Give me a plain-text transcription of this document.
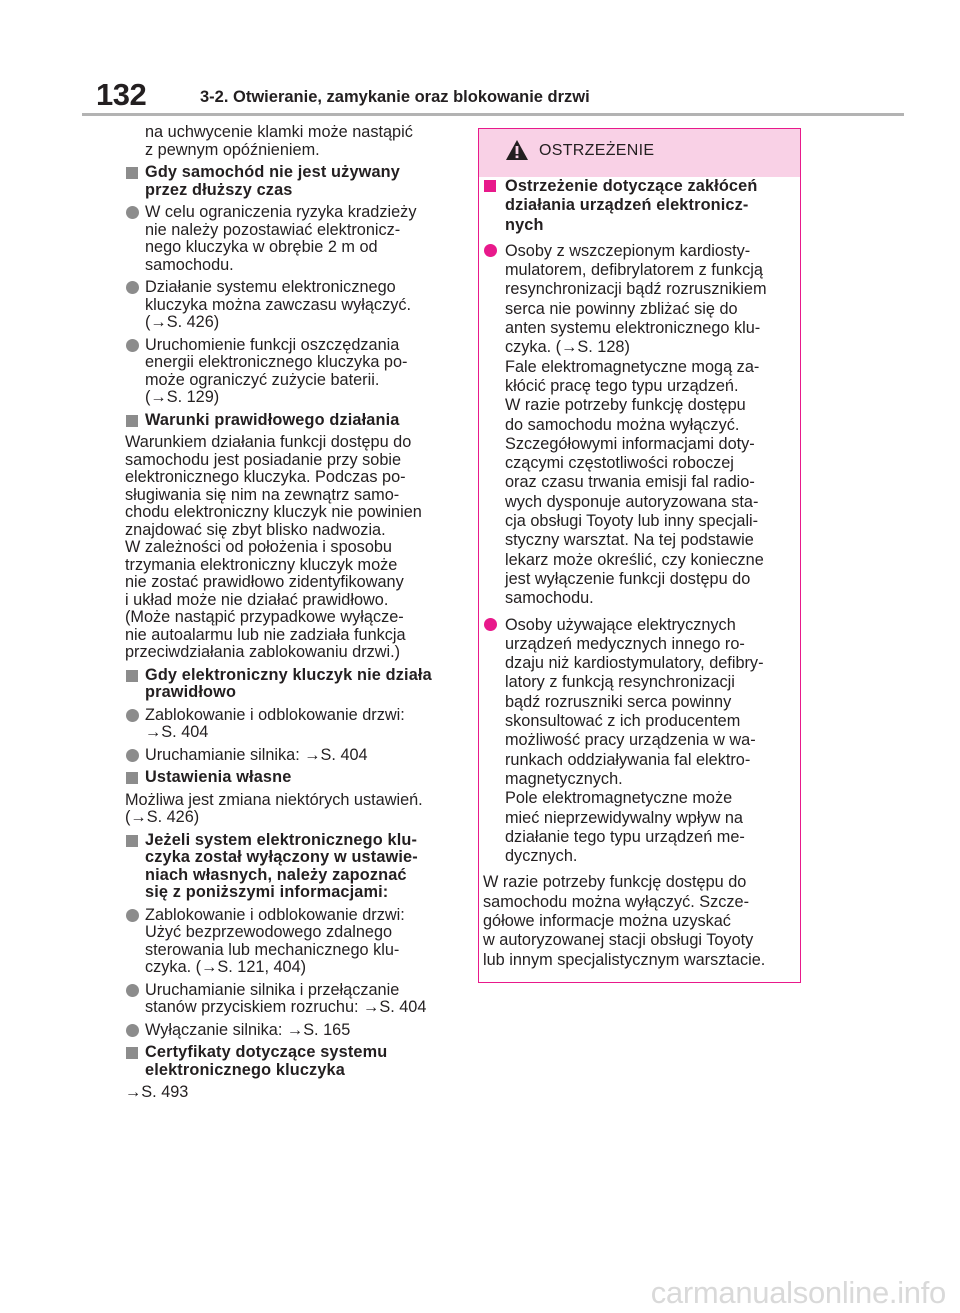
132	3-2. Otwieranie, zamykanie oraz blokowanie drzwi
na uchwycenie klamki może nastąpić
z pewnym opóźnieniem.
Gdy samochód nie jest używany
przez dłuższy czas
W celu ograniczenia ryzyka kradzieży
nie należy pozostawiać elektronicz-
nego kluczyka w obrębie 2 m od
samochodu.
Działanie systemu elektronicznego
kluczyka można zawczasu wyłączyć.
(→S. 426)
Uruchomienie funkcji oszczędzania
energii elektronicznego kluczyka po-
może ograniczyć zużycie baterii.
(→S. 129)
Warunki prawidłowego działania
Warunkiem działania funkcji dostępu do
samochodu jest posiadanie przy sobie
elektronicznego kluczyka. Podczas po-
sługiwania się nim na zewnątrz samo-
chodu elektroniczny kluczyk nie powinien
znajdować się zbyt blisko nadwozia.
W zależności od położenia i sposobu
trzymania elektroniczny kluczyk może
nie zostać prawidłowo zidentyfikowany
i układ może nie działać prawidłowo.
(Może nastąpić przypadkowe wyłącze-
nie autoalarmu lub nie zadziała funkcja
przeciwdziałania zablokowaniu drzwi.)
Gdy elektroniczny kluczyk nie działa
prawidłowo
Zablokowanie i odblokowanie drzwi:
→S. 404
Uruchamianie silnika: →S. 404
Ustawienia własne
Możliwa jest zmiana niektórych ustawień.
(→S. 426)
Jeżeli system elektronicznego klu-
czyka został wyłączony w ustawie-
niach własnych, należy zapoznać
się z poniższymi informacjami:
Zablokowanie i odblokowanie drzwi:
Użyć bezprzewodowego zdalnego
sterowania lub mechanicznego klu-
czyka. (→S. 121, 404)
Uruchamianie silnika i przełączanie
stanów przyciskiem rozruchu: →S. 404
Wyłączanie silnika: →S. 165
Certyfikaty dotyczące systemu
elektronicznego kluczyka
→S. 493
OSTRZEŻENIE
Ostrzeżenie dotyczące zakłóceń
działania urządzeń elektronicz-
nych
Osoby z wszczepionym kardiosty-
mulatorem, defibrylatorem z funkcją
resynchronizacji bądź rozrusznikiem
serca nie powinny zbliżać się do
anten systemu elektronicznego klu-
czyka. (→S. 128)
Fale elektromagnetyczne mogą za-
kłócić pracę tego typu urządzeń.
W razie potrzeby funkcję dostępu
do samochodu można wyłączyć.
Szczegółowymi informacjami doty-
czącymi częstotliwości roboczej
oraz czasu trwania emisji fal radio-
wych dysponuje autoryzowana sta-
cja obsługi Toyoty lub inny specjali-
styczny warsztat. Na tej podstawie
lekarz może określić, czy konieczne
jest wyłączenie funkcji dostępu do
samochodu.
Osoby używające elektrycznych
urządzeń medycznych innego ro-
dzaju niż kardiostymulatory, defibry-
latory z funkcją resynchronizacji
bądź rozruszniki serca powinny
skonsultować z ich producentem
możliwość pracy urządzenia w wa-
runkach oddziaływania fal elektro-
magnetycznych.
Pole elektromagnetyczne może
mieć nieprzewidywalny wpływ na
działanie tego typu urządzeń me-
dycznych.
W razie potrzeby funkcję dostępu do
samochodu można wyłączyć. Szcze-
gółowe informacje można uzyskać
w autoryzowanej stacji obsługi Toyoty
lub innym specjalistycznym warsztacie.
carmanualsonline.info
